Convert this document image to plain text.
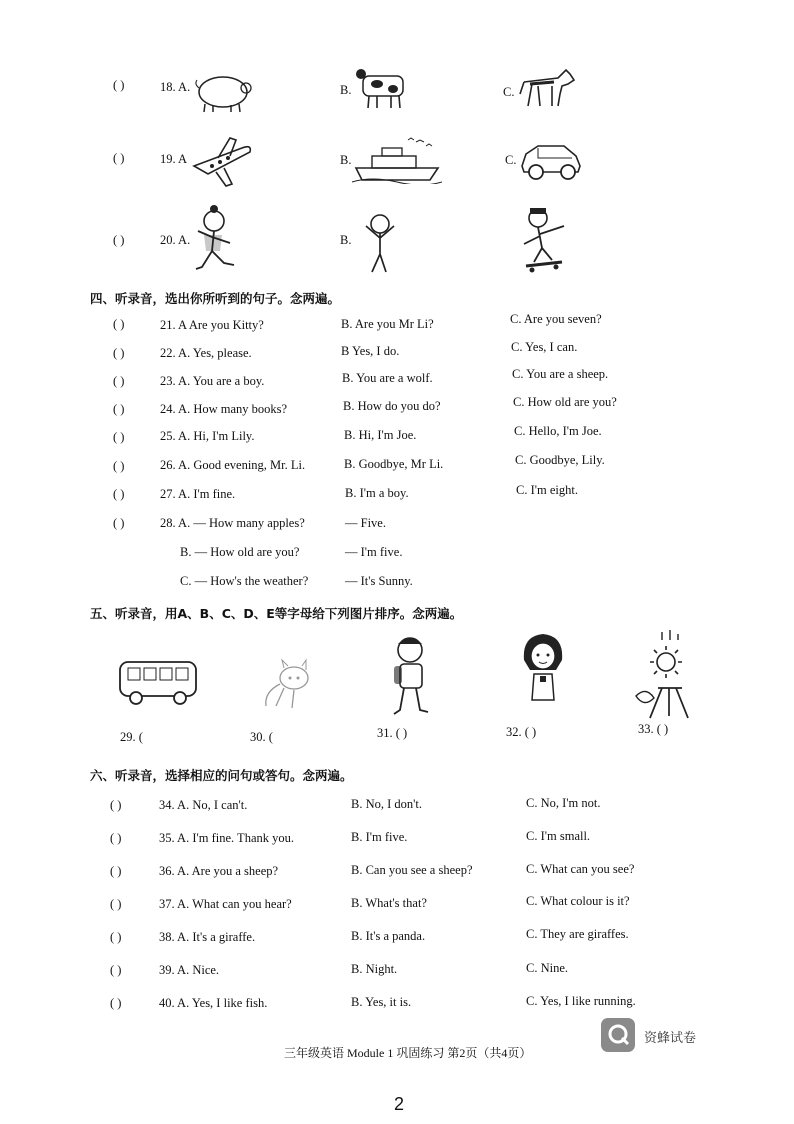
( )	18. A.	B.	C.
( )	19. A	B.	C.
( )	20. A.	B.
四、听录音，选出你所听到的句子。念两遍。
( )	21. A Are you Kitty?	B. Are you Mr Li?	C. Are you seven?
( )	22. A. Yes, please.	B Yes, I do.	C. Yes, I can.
( )	23. A. You are a boy.	B. You are a wolf.	C. You are a sheep.
( )	24. A. How many books?	B. How do you do?	C. How old are you?
( )	25. A. Hi, I'm Lily.	B. Hi, I'm Joe.	C. Hello, I'm Joe.
( )	26. A. Good evening, Mr. Li.	B. Goodbye, Mr Li.	C. Goodbye, Lily.
( )	27. A. I'm fine.	B. I'm a boy.	C. I'm eight.
( )	28. A. — How many apples?	— Five.
B. — How old are you?	— I'm five.
C. — How's the weather?	— It's Sunny.
五、听录音，用A、B、C、D、E等字母给下列图片排序。念两遍。
29. (	30. (	31. ( )	32. ( )	33. ( )
六、听录音，选择相应的问句或答句。念两遍。
( )	34. A. No, I can't.	B. No, I don't.	C. No, I'm not.
( )	35. A. I'm fine. Thank you.	B. I'm five.	C. I'm small.
( )	36. A. Are you a sheep?	B. Can you see a sheep?	C. What can you see?
( )	37. A. What can you hear?	B. What's that?	C. What colour is it?
( )	38. A. It's a giraffe.	B. It's a panda.	C. They are giraffes.
( )	39. A. Nice.	B. Night.	C. Nine.
( )	40. A. Yes, I like fish.	B. Yes, it is.	C. Yes, I like running.
资蜂试卷
三年级英语 Module 1 巩固练习 第2页（共4页）
2
